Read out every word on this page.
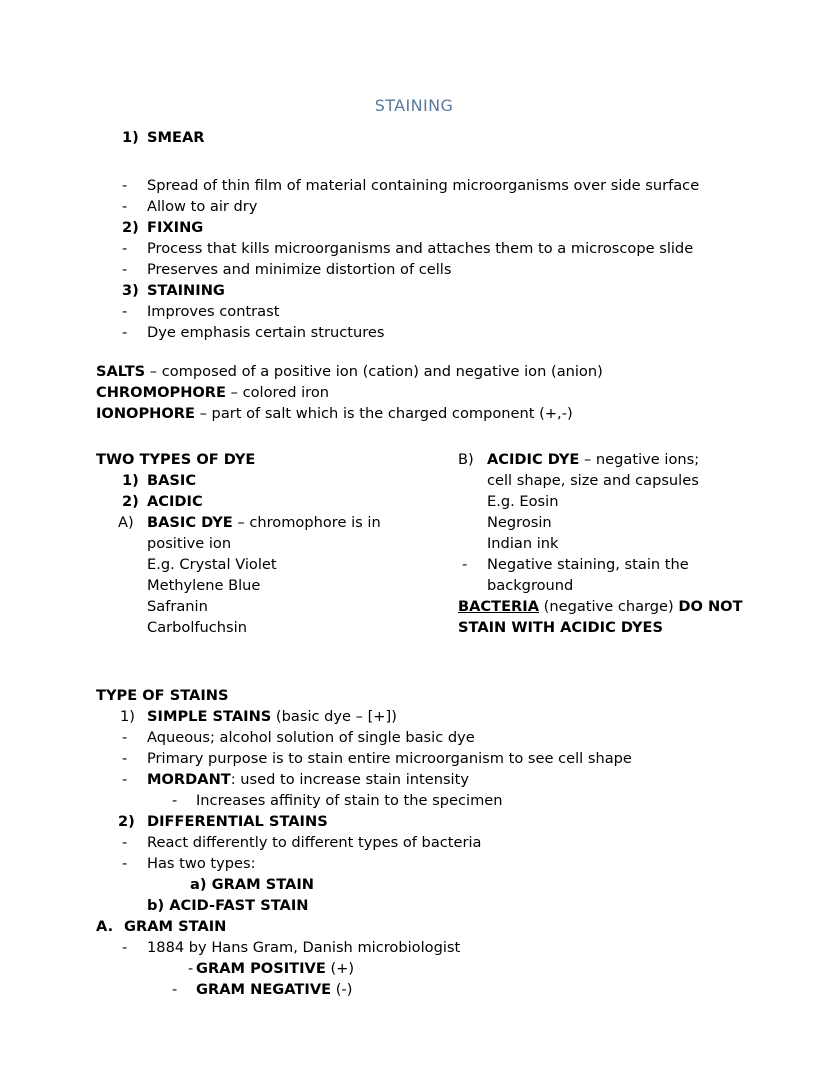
STAINING
1) SMEAR
- Spread of thin film of material containing microorganisms over side surface
- Allow to air dry
2) FIXING
- Process that kills microorganisms and attaches them to a microscope slide
- Preserves and minimize distortion of cells
3) STAINING
- Improves contrast
- Dye emphasis certain structures
SALTS – composed of a positive ion (cation) and negative ion (anion)
CHROMOPHORE – colored iron
IONOPHORE – part of salt which is the charged component (+,-)
TWO TYPES OF DYE
1) BASIC
2) ACIDIC
A) BASIC DYE – chromophore is in
positive ion
E.g. Crystal Violet
Methylene Blue
Safranin
Carbolfuchsin
B) ACIDIC DYE – negative ions;
cell shape, size and capsules
E.g. Eosin
Negrosin
Indian ink
- Negative staining, stain the
background
BACTERIA (negative charge) DO NOT
STAIN WITH ACIDIC DYES
TYPE OF STAINS
1) SIMPLE STAINS (basic dye – [+])
- Aqueous; alcohol solution of single basic dye
- Primary purpose is to stain entire microorganism to see cell shape
- MORDANT: used to increase stain intensity
- Increases affinity of stain to the specimen
2) DIFFERENTIAL STAINS
- React differently to different types of bacteria
- Has two types:
a) GRAM STAIN
b) ACID-FAST STAIN
A. GRAM STAIN
- 1884 by Hans Gram, Danish microbiologist
- GRAM POSITIVE (+)
- GRAM NEGATIVE (-)
